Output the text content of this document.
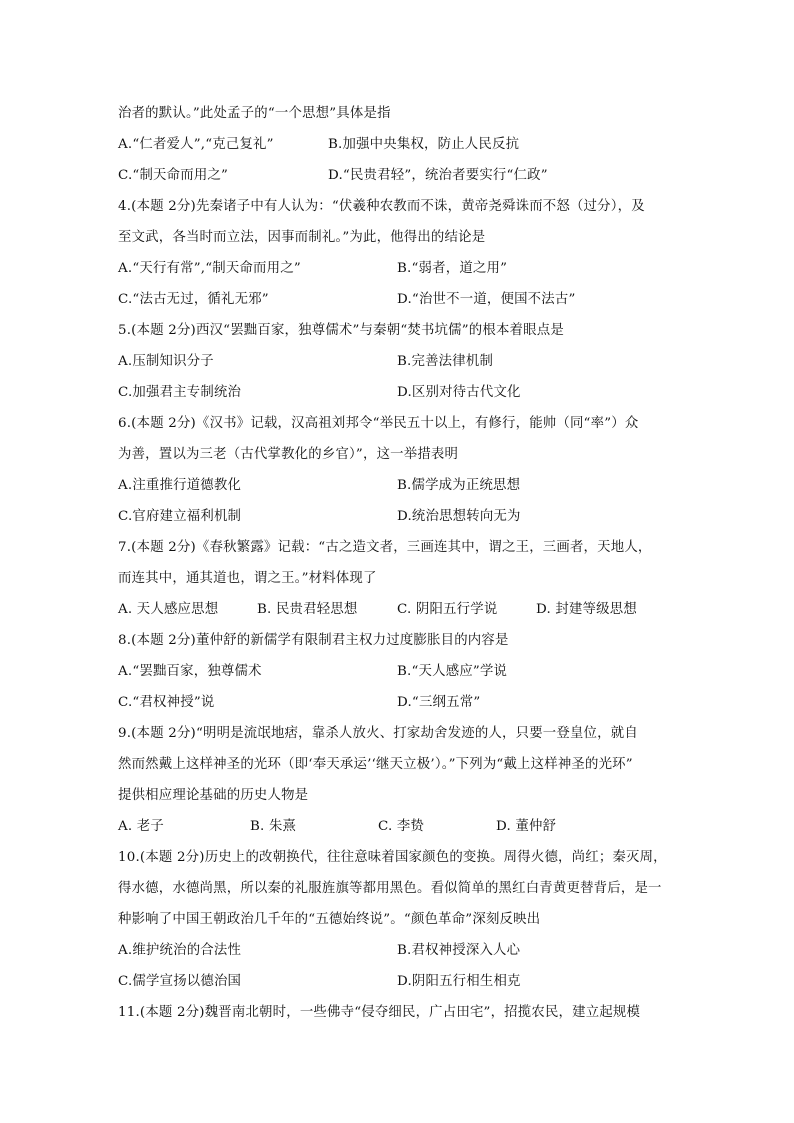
治者的默认。”此处孟子的“一个思想”具体是指
A.“仁者爱人”,“克己复礼”	B.加强中央集权，防止人民反抗
C.“制天命而用之”	D.“民贵君轻”，统治者要实行“仁政”
4.(本题 2分)先秦诸子中有人认为：“伏羲种农教而不诛，黄帝尧舜诛而不怒（过分），及
至文武，各当时而立法，因事而制礼。”为此，他得出的结论是
A.“天行有常”,“制天命而用之”	B.“弱者，道之用”
C.“法古无过，循礼无邪”	D.“治世不一道，便国不法古”
5.(本题 2分)西汉“罢黜百家，独尊儒术”与秦朝“焚书坑儒”的根本着眼点是
A.压制知识分子	B.完善法律机制
C.加强君主专制统治	D.区别对待古代文化
6.(本题 2分)《汉书》记载，汉高祖刘邦令“举民五十以上，有修行，能帅（同“率”）众
为善，置以为三老（古代掌教化的乡官）”，这一举措表明
A.注重推行道德教化	B.儒学成为正统思想
C.官府建立福利机制	D.统治思想转向无为
7.(本题 2分)《春秋繁露》记载：“古之造文者，三画连其中，谓之王，三画者，天地人，
而连其中，通其道也，谓之王。”材料体现了
A. 天人感应思想	B. 民贵君轻思想	C. 阴阳五行学说	D. 封建等级思想
8.(本题 2分)董仲舒的新儒学有限制君主权力过度膨胀目的内容是
A.“罢黜百家，独尊儒术	B.“天人感应”学说
C.“君权神授”说	D.“三纲五常”
9.(本题 2分)“明明是流氓地痞，靠杀人放火、打家劫舍发迹的人，只要一登皇位，就自
然而然戴上这样神圣的光环（即‘奉天承运’‘继天立极’）。”下列为“戴上这样神圣的光环”
提供相应理论基础的历史人物是
A. 老子	B. 朱熹	C. 李贽	D. 董仲舒
10.(本题 2分)历史上的改朝换代，往往意味着国家颜色的变换。周得火德，尚红；秦灭周，
得水德，水德尚黑，所以秦的礼服旌旗等都用黑色。看似简单的黑红白青黄更替背后，是一
种影响了中国王朝政治几千年的“五德始终说”。“颜色革命”深刻反映出
A.维护统治的合法性	B.君权神授深入人心
C.儒学宣扬以德治国	D.阴阳五行相生相克
11.(本题 2分)魏晋南北朝时，一些佛寺“侵夺细民，广占田宅”，招揽农民，建立起规模
